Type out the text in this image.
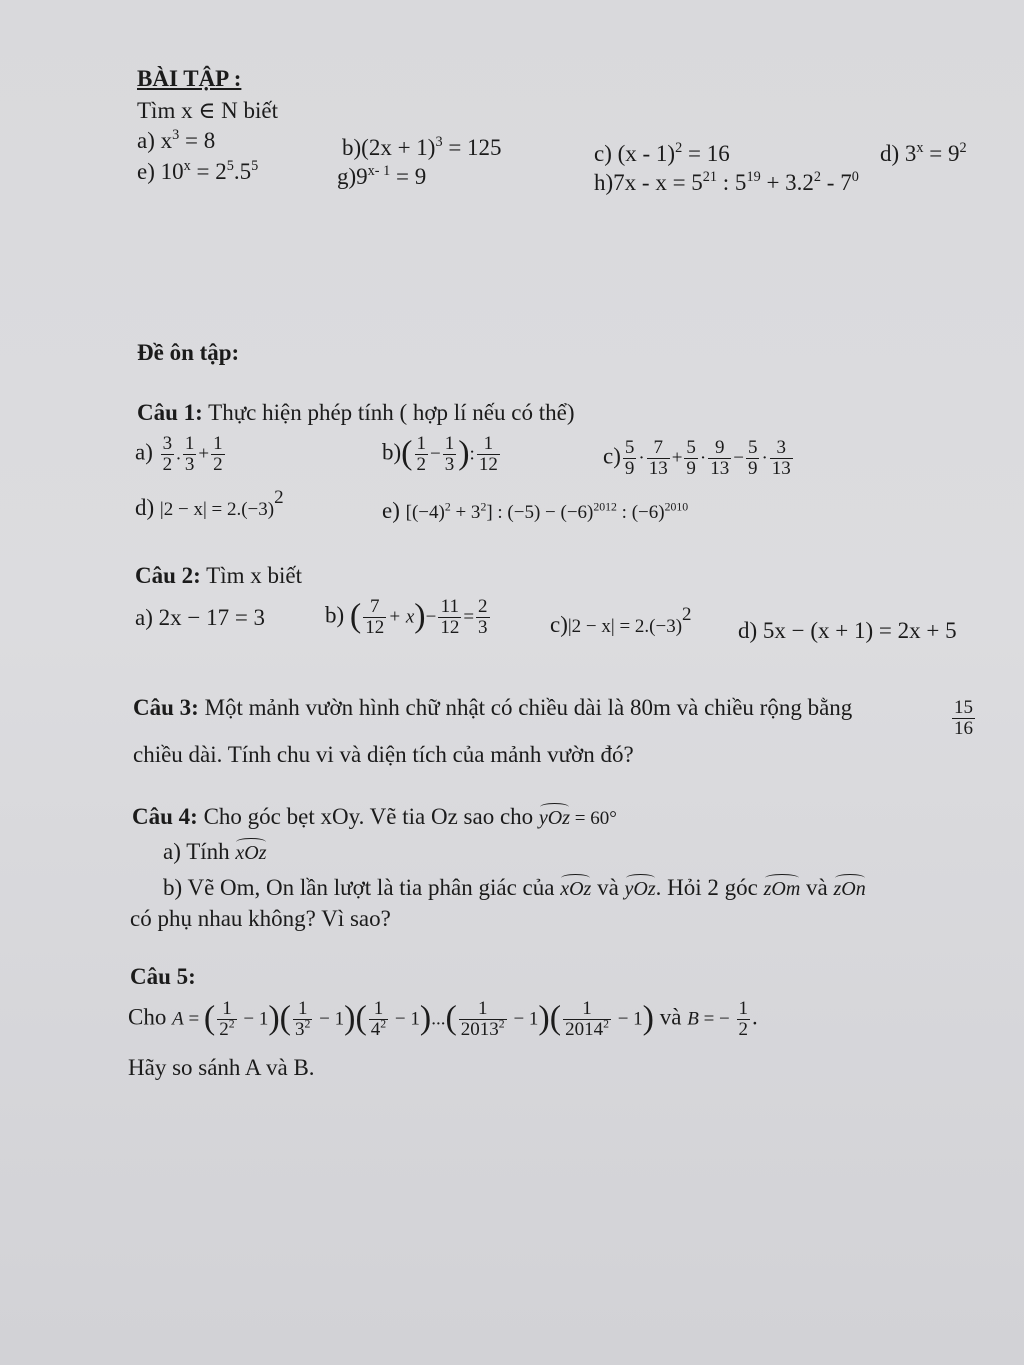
BÀI TẬP :
Tìm x ∈ N biết
a) $x^3 = 8$	$b)(2x + 1)^3 = 125$	c) (x - 1)$^2$ = 16	d) $3^x = 9^2$
e) $10^x = 2^5.5^5$	$g)9^{x- 1} = 9$	$h)7x - x = 5^{21}$ : $5^{19} + 3.2^2 - 7^0$
Đề ôn tập:
Câu 1: Thực hiện phép tính ( hợp lí nếu có thể)
$a) \frac{3}{2}$ . $\frac{1}{3} + \frac{1}{2}$	$b)( \frac{1}{2} - \frac{1}{3}$ ): $\frac{1}{12}$	$c) \frac{5}{9} \cdot \frac{7}{13} + \frac{5}{9} \cdot \frac{9}{13} - \frac{5}{9} \cdot \frac{3}{13}$
d) $|2 - x| = 2.(-3)^2$
e) $[(-4)^2 + 3^2]$ : $(-5) - (-6)^{2012}$ : $(-6)^{2010}$
Câu 2: Tìm x biết
a) 2x − 17 = 3	b) ( $\frac{7}{12} + x)- \frac{11}{12} = \frac{2}{3}$	$c)|2 - x| = 2.(-3)^2$
d) 5x − (x + 1) = 2x + 5
Câu 3: Một mảnh vườn hình chữ nhật có chiều dài là 80m và chiều rộng bằng	$\frac{15}{16}$
chiều dài. Tính chu vi và diện tích của mảnh vườn đó?
Câu 4: Cho góc bẹt xOy. Vẽ tia Oz sao cho yOz = 60°
a) Tính xOz
b) Vẽ Om, On lần lượt là tia phân giác của xOz và yOz. Hỏi 2 góc zOm và zOn
có phụ nhau không? Vì sao?
Câu 5:
Cho A = ( $\frac{1}{2^2} - 1)( \frac{1}{3^2} - 1)( \frac{1}{4^2} - 1)...( \frac{1}{2013^2} - 1)( \frac{1}{2014^2} - 1)$ và B = − $\frac{1}{2}$ .
Hãy so sánh A và B.
